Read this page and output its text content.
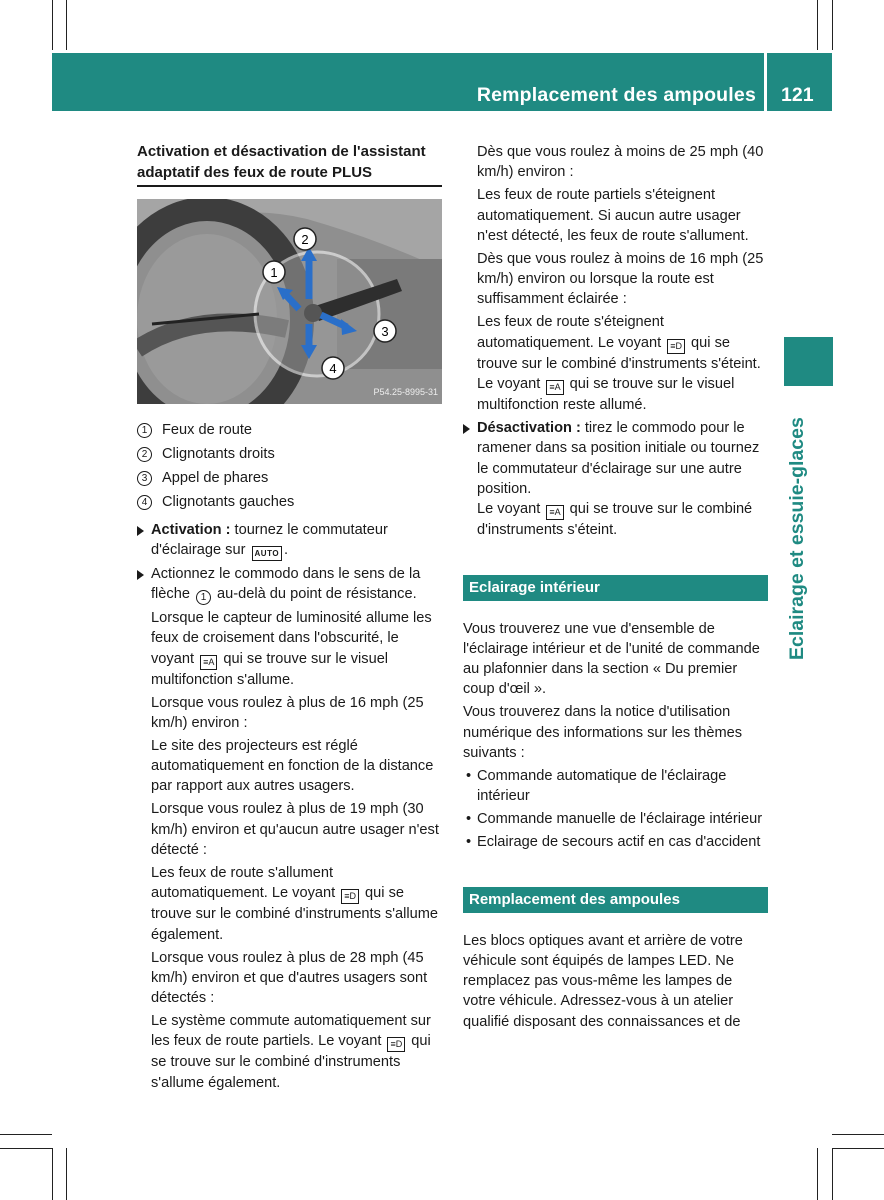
Remplacement des ampoules 121
Eclairage et essuie-glaces
Activation et désactivation de l'assistant adaptatif des feux de route PLUS
2
1
3
4
P54.25-8995-31
1	Feux de route
2	Clignotants droits
3	Appel de phares
4	Clignotants gauches

Activation : tournez le commutateur d'éclairage sur AUTO .

Actionnez le commodo dans le sens de la flèche 1 au-delà du point de résistance.

Lorsque le capteur de luminosité allume les feux de croisement dans l'obscurité, le voyant ≡A qui se trouve sur le visuel multifonction s'allume.

Lorsque vous roulez à plus de 16 mph (25 km/h) environ :

Le site des projecteurs est réglé automatiquement en fonction de la distance par rapport aux autres usagers.

Lorsque vous roulez à plus de 19 mph (30 km/h) environ et qu'aucun autre usager n'est détecté :

Les feux de route s'allument automatiquement. Le voyant ≡D qui se trouve sur le combiné d'instruments s'allume également.

Lorsque vous roulez à plus de 28 mph (45 km/h) environ et que d'autres usagers sont détectés :

Le système commute automatiquement sur les feux de route partiels. Le voyant ≡D qui se trouve sur le combiné d'instruments s'allume également.

Dès que vous roulez à moins de 25 mph (40 km/h) environ :

Les feux de route partiels s'éteignent automatiquement. Si aucun autre usager n'est détecté, les feux de route s'allument.

Dès que vous roulez à moins de 16 mph (25 km/h) environ ou lorsque la route est suffisamment éclairée :

Les feux de route s'éteignent automatiquement. Le voyant ≡D qui se trouve sur le combiné d'instruments s'éteint. Le voyant ≡A qui se trouve sur le visuel multifonction reste allumé.

Désactivation : tirez le commodo pour le ramener dans sa position initiale ou tournez le commutateur d'éclairage sur une autre position.

Le voyant ≡A qui se trouve sur le combiné d'instruments s'éteint.

Eclairage intérieur

Vous trouverez une vue d'ensemble de l'éclairage intérieur et de l'unité de commande au plafonnier dans la section « Du premier coup d'œil ».

Vous trouverez dans la notice d'utilisation numérique des informations sur les thèmes suivants :

• Commande automatique de l'éclairage intérieur
• Commande manuelle de l'éclairage intérieur
• Eclairage de secours actif en cas d'accident
Remplacement des ampoules

Les blocs optiques avant et arrière de votre véhicule sont équipés de lampes LED. Ne remplacez pas vous-même les lampes de votre véhicule. Adressez-vous à un atelier qualifié disposant des connaissances et de
